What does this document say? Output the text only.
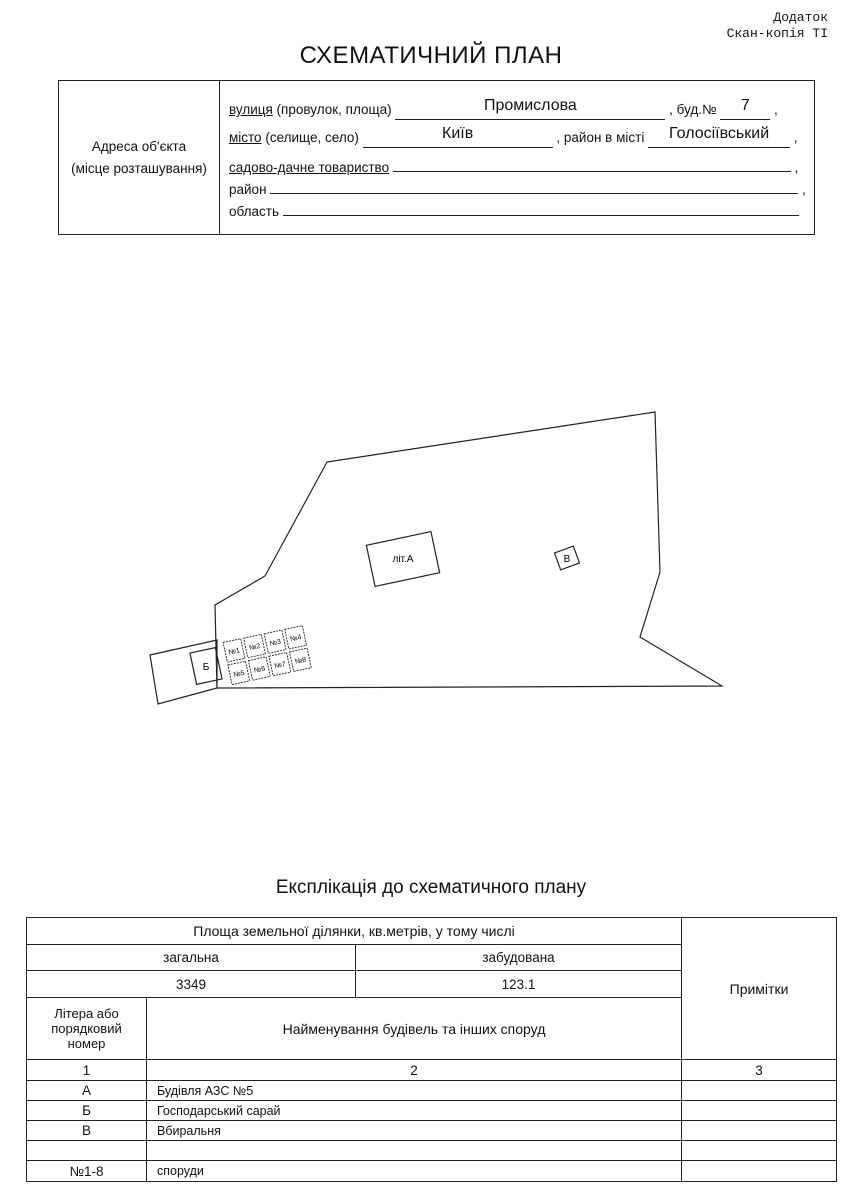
Додаток
Скан-копія ТІ
СХЕМАТИЧНИЙ ПЛАН
Адреса об'єкта
(місце розташування)
вулиця (провулок, площа)	Промислова	, буд.№ 7 ,
місто (селище, село)	Київ	, район в місті Голосіївський ,
садово-дачне товариство	,
район	,
область
літ.А	В
Б
№1 №2 №3 №4
№5 №6 №7 №8
Експлікація до схематичного плану
Площа земельної ділянки, кв.метрів, у тому числі			Примітки
загальна		забудована	
3349		123.1	
Літера або порядковий номер	Найменування будівель та інших споруд		
1	2		3
А	Будівля АЗС №5		
Б	Господарський сарай		
В	Вбиральня		

№1-8	споруди		
